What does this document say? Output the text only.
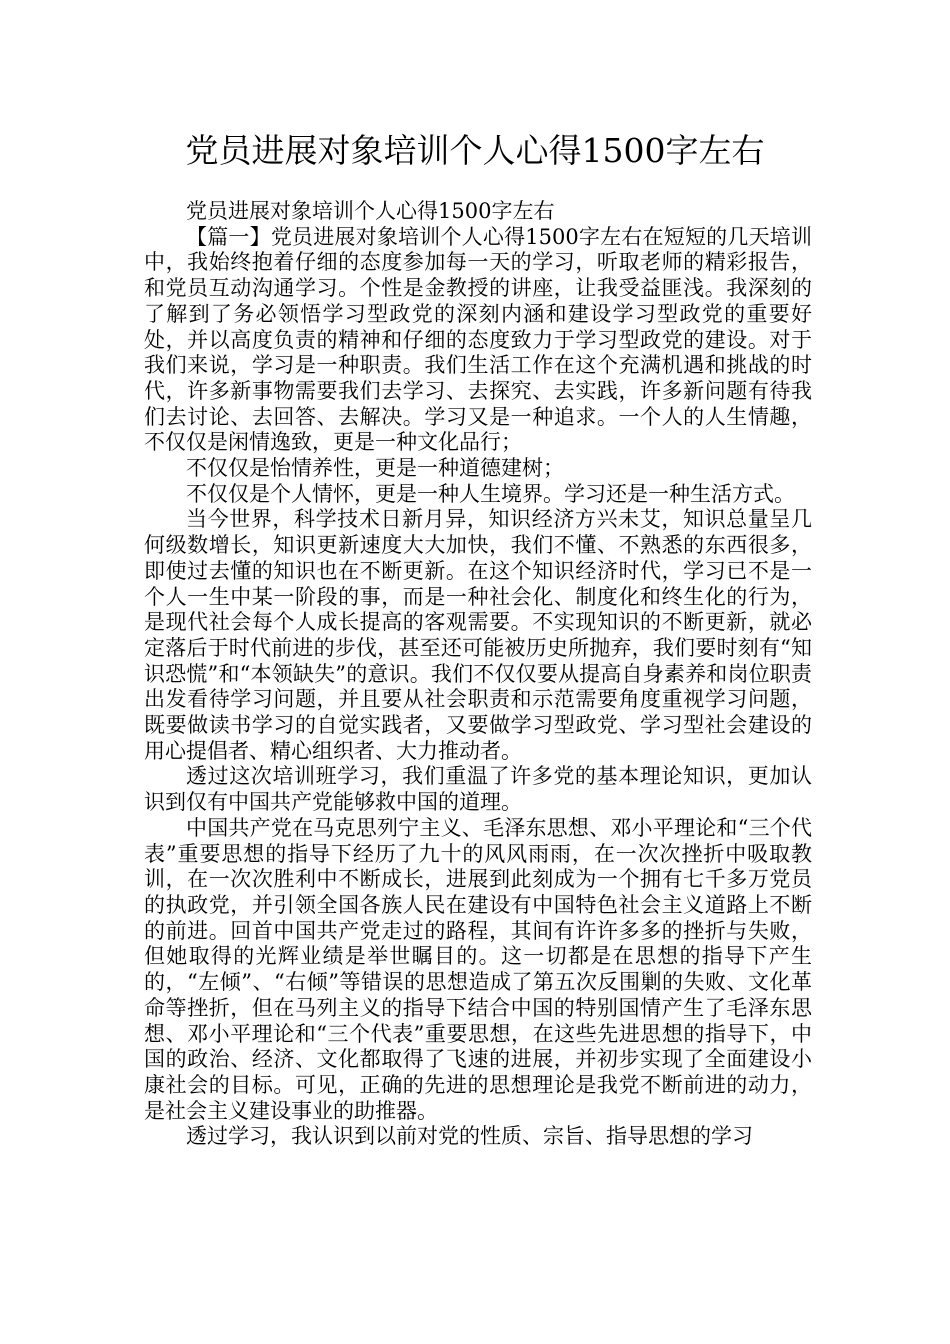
党员进展对象培训个人心得1500字左右

党员进展对象培训个人心得1500字左右

【篇一】党员进展对象培训个人心得1500字左右在短短的几天培训中，我始终抱着仔细的态度参加每一天的学习，听取老师的精彩报告，和党员互动沟通学习。个性是金教授的讲座，让我受益匪浅。我深刻的了解到了务必领悟学习型政党的深刻内涵和建设学习型政党的重要好处，并以高度负责的精神和仔细的态度致力于学习型政党的建设。对于我们来说，学习是一种职责。我们生活工作在这个充满机遇和挑战的时代，许多新事物需要我们去学习、去探究、去实践，许多新问题有待我们去讨论、去回答、去解决。学习又是一种追求。一个人的人生情趣，不仅仅是闲情逸致，更是一种文化品行；

不仅仅是怡情养性，更是一种道德建树；

不仅仅是个人情怀，更是一种人生境界。学习还是一种生活方式。

当今世界，科学技术日新月异，知识经济方兴未艾，知识总量呈几何级数增长，知识更新速度大大加快，我们不懂、不熟悉的东西很多，即使过去懂的知识也在不断更新。在这个知识经济时代，学习已不是一个人一生中某一阶段的事，而是一种社会化、制度化和终生化的行为，是现代社会每个人成长提高的客观需要。不实现知识的不断更新，就必定落后于时代前进的步伐，甚至还可能被历史所抛弃，我们要时刻有“知识恐慌”和“本领缺失”的意识。我们不仅仅要从提高自身素养和岗位职责出发看待学习问题，并且要从社会职责和示范需要角度重视学习问题，既要做读书学习的自觉实践者，又要做学习型政党、学习型社会建设的用心提倡者、精心组织者、大力推动者。

透过这次培训班学习，我们重温了许多党的基本理论知识，更加认识到仅有中国共产党能够救中国的道理。

中国共产党在马克思列宁主义、毛泽东思想、邓小平理论和“三个代表”重要思想的指导下经历了九十的风风雨雨，在一次次挫折中吸取教训，在一次次胜利中不断成长，进展到此刻成为一个拥有七千多万党员的执政党，并引领全国各族人民在建设有中国特色社会主义道路上不断的前进。回首中国共产党走过的路程，其间有许许多多的挫折与失败，但她取得的光辉业绩是举世瞩目的。这一切都是在思想的指导下产生的，“左倾”、“右倾”等错误的思想造成了第五次反围剿的失败、文化革命等挫折，但在马列主义的指导下结合中国的特别国情产生了毛泽东思想、邓小平理论和“三个代表”重要思想，在这些先进思想的指导下，中国的政治、经济、文化都取得了飞速的进展，并初步实现了全面建设小康社会的目标。可见，正确的先进的思想理论是我党不断前进的动力，是社会主义建设事业的助推器。

透过学习，我认识到以前对党的性质、宗旨、指导思想的学习
